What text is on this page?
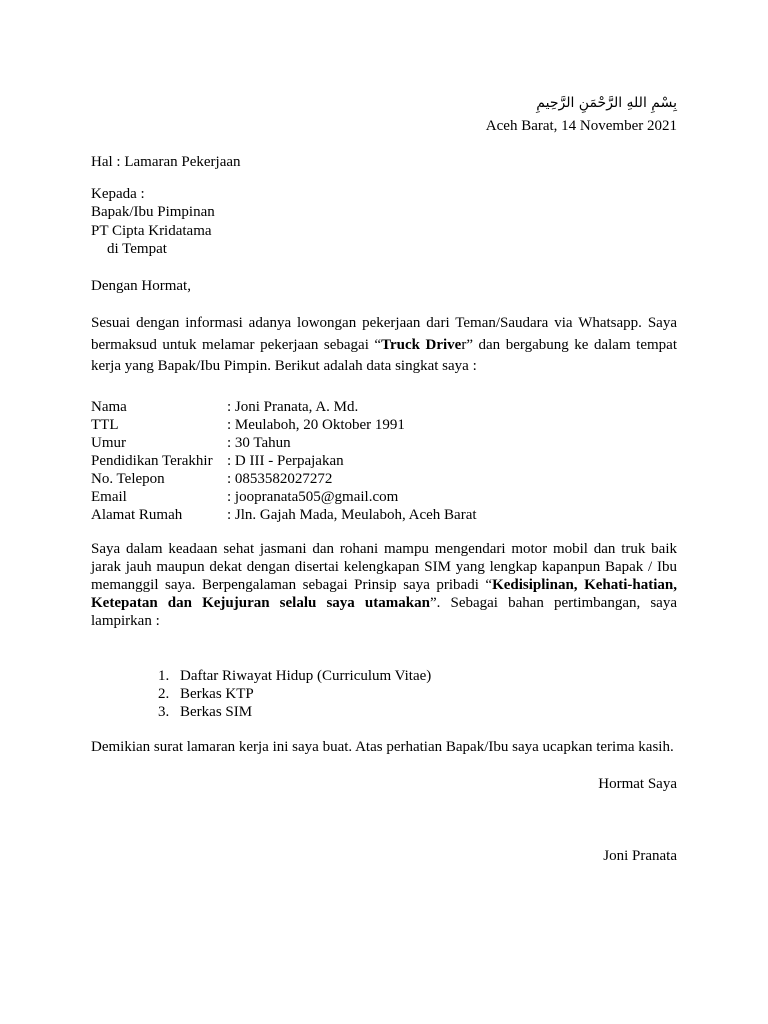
بِسْمِ اللهِ الرَّحْمَنِ الرَّحِيمِ
Aceh Barat, 14 November 2021
Hal : Lamaran Pekerjaan
Kepada :
Bapak/Ibu Pimpinan
PT Cipta Kridatama
di Tempat
Dengan Hormat,
Sesuai dengan informasi adanya lowongan pekerjaan dari Teman/Saudara via Whatsapp. Saya
bermaksud untuk melamar pekerjaan sebagai “Truck Driver” dan bergabung ke dalam tempat
kerja yang Bapak/Ibu Pimpin. Berikut adalah data singkat saya :
Nama	: Joni Pranata, A. Md.
TTL	: Meulaboh, 20 Oktober 1991
Umur	: 30 Tahun
Pendidikan Terakhir : D III - Perpajakan
No. Telepon	: 0853582027272
Email	: joopranata505@gmail.com
Alamat Rumah	: Jln. Gajah Mada, Meulaboh, Aceh Barat
Saya dalam keadaan sehat jasmani dan rohani mampu mengendari motor mobil dan truk baik
jarak jauh maupun dekat dengan disertai kelengkapan SIM yang lengkap kapanpun Bapak / Ibu
memanggil saya. Berpengalaman sebagai Prinsip saya pribadi “Kedisiplinan, Kehati-hatian,
Ketepatan dan Kejujuran selalu saya utamakan”. Sebagai bahan pertimbangan, saya
lampirkan :
1. Daftar Riwayat Hidup (Curriculum Vitae)
2. Berkas KTP
3. Berkas SIM
Demikian surat lamaran kerja ini saya buat. Atas perhatian Bapak/Ibu saya ucapkan terima kasih.
Hormat Saya
Joni Pranata
